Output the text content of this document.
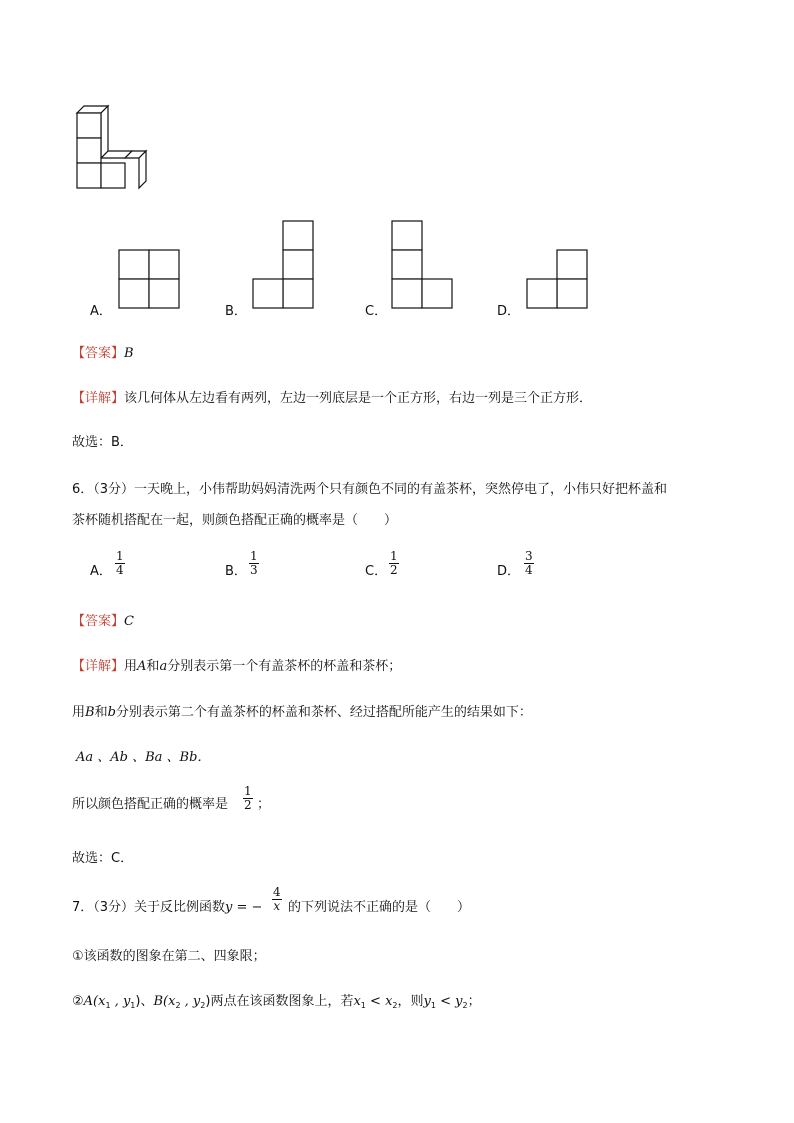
A．	B．	C．	D．
【答案】B
【详解】该几何体从左边看有两列，左边一列底层是一个正方形，右边一列是三个正方形．
故选：B．
6．（3分）一天晚上，小伟帮助妈妈清洗两个只有颜色不同的有盖茶杯，突然停电了，小伟只好把杯盖和
茶杯随机搭配在一起，则颜色搭配正确的概率是（　　）
A． $\frac{1}{4}$	B． $\frac{1}{3}$	C． $\frac{1}{2}$	D． $\frac{3}{4}$
【答案】C
【详解】用A和a分别表示第一个有盖茶杯的杯盖和茶杯；
用B和b分别表示第二个有盖茶杯的杯盖和茶杯、经过搭配所能产生的结果如下：
Aa 、Ab 、Ba 、Bb．
所以颜色搭配正确的概率是 $\frac{1}{2}$ ；
故选：C．
7．（3分）关于反比例函数y = − $\frac{4}{x}$ 的下列说法不正确的是（　　）
①该函数的图象在第二、四象限；
$②A(x_1$ , $y_1$)、$B(x_2$ , $y_2$)两点在该函数图象上，若$x_1 < x_2$，则$y_1 < y_2$；
